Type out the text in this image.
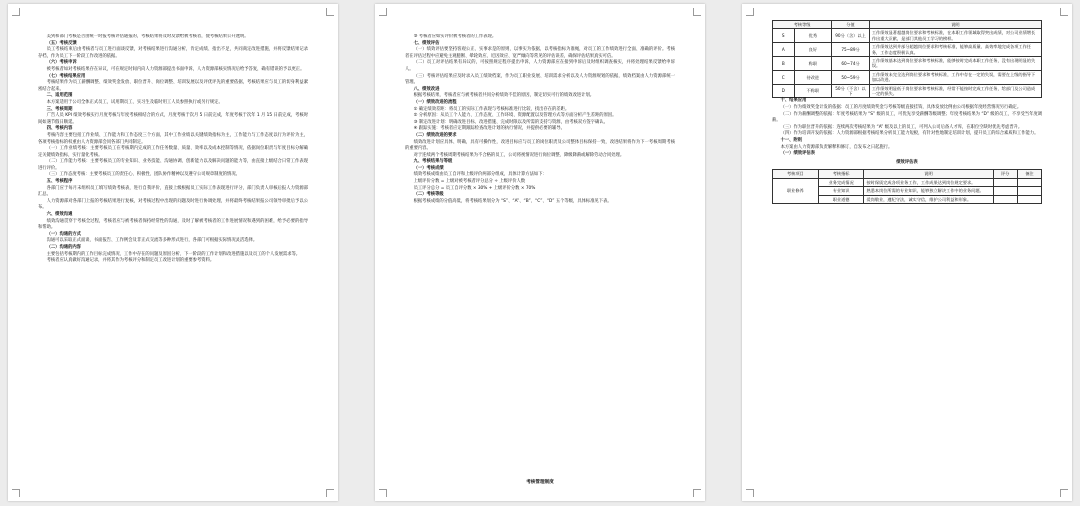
美到和部门考核是否由统一时报考核评估通报的，考核结果将及时反馈给被考核者，使考核结果公开透明。

（五）考核反馈

员工考核结束后由考核者与员工进行面谈反馈，对考核结果进行沟通分析，肯定成绩、指出不足，共同商定改进措施，并将反馈结果记录存档，作为员工下一阶段工作改进的依据。

（六）考核申诉

被考核者如对考核结果存在异议，可在规定时间内向人力资源部提出书面申诉，人力资源部核实情况后给予答复，确有错误的予以更正。

（七）考核结果应用

考核结果作为员工薪酬调整、绩效奖金发放、职位晋升、岗位调整、培训发展以及评优评先的重要依据，考核结果应与员工的切身利益紧密结合起来。

二、适用范围

本方案适用于公司全体正式员工，试用期员工、实习生及临时用工人员参照执行或另行规定。

三、考核周期

广告人员 KPI 绩效考核实行月度考核与年度考核相结合的方式，月度考核于次月 5 日前完成，年度考核于次年 1 月 15 日前完成，考核时间如遇节假日顺延。

四、考核内容

考核内容主要包括工作业绩、工作能力和工作态度三个方面，其中工作业绩以关键绩效指标为主，工作能力与工作态度以行为评价为主，各项考核指标的权重由人力资源部会同各部门共同制定。

（一）工作业绩考核：主要考核员工在考核期内完成的工作任务数量、质量、效率以及成本控制等情况，依据岗位职责与年度目标分解确定关键绩效指标，实行量化考核。

（二）工作能力考核：主要考核员工的专业知识、业务技能、沟通协调、创新能力以及解决问题的能力等，由直接上级结合日常工作表现进行评价。

（三）工作态度考核：主要考核员工的责任心、积极性、团队协作精神以及遵守公司规章制度的情况。

五、考核程序

各部门应于每月末组织员工填写绩效考核表，进行自我评价，直接上级根据员工实际工作表现进行评分，部门负责人审核后报人力资源部汇总。

人力资源部对各部门上报的考核结果进行复核，对考核过程中出现的问题及时进行协调处理，并将最终考核结果报公司领导审批后予以公布。

六、绩效沟通

绩效沟通贯穿于考核全过程，考核者应与被考核者保持经常性的沟通，及时了解被考核者的工作进展情况和遇到的困难，给予必要的指导和帮助。

（一）沟通的方式

沟通可以采取正式面谈、书面报告、工作例会及非正式交流等多种形式进行，各部门可根据实际情况灵活选择。

（二）沟通的内容

主要包括考核期内的工作目标完成情况、工作中存在的问题及原因分析、下一阶段的工作计划和改进措施以及员工的个人发展需求等。

考核者应认真做好沟通记录，并将其作为考核评分和制定员工改进计划的重要参考资料。

⑤ 考核者应如实评价被考核者的工作表现。

七、绩效评估

（一）绩效评估要坚持客观公正、实事求是的原则，以事实为依据，以考核指标为准绳，对员工的工作绩效进行全面、准确的评价。考核者在评估过程中应避免主观臆断、晕轮效应、近因效应、宽严倾向等常见的评估误差，确保评估结果真实可信。

（二）员工对评估结果有异议的，可按照规定程序提出申诉，人力资源部应在接到申诉后及时组织调查核实，并将处理结果反馈给申诉人。

（三）考核评估结果应及时录入员工绩效档案，作为员工职业发展、培训需求分析以及人力资源规划的依据，绩效档案由人力资源部统一管理。

八、绩效改进

根据考核结果，考核者应与被考核者共同分析绩效不佳的原因，制定切实可行的绩效改进计划。

（一）绩效改进的流程

① 确定绩效差距：将员工的实际工作表现与考核标准进行比较，找出存在的差距。

② 分析原因：从员工个人能力、工作态度、工作环境、资源配置以及管理方式等方面分析产生差距的原因。

③ 制定改进计划：明确改进目标、改进措施、完成时限以及所需的支持与资源，由考核双方签字确认。

④ 跟踪实施：考核者应定期跟踪检查改进计划的执行情况，并提供必要的辅导。

（二）绩效改进的要求

绩效改进计划应具体、明确，具有可操作性，改进目标应与员工的岗位职责及公司整体目标保持一致，改进结果将作为下一考核周期考核的重要内容。

对于连续两个考核周期考核结果为不合格的员工，公司将视情况进行岗位调整、降级降薪或解除劳动合同处理。

九、考核结果与等级

（一）考核成绩

绩效考核成绩由员工自评和上级评价两部分组成，具体计算方法如下：

上级评价分数 = 上级对被考核者评分总分 ÷ 上级评价人数

员工评分总分 = 员工自评分数 × 30% + 上级评价分数 × 70%

（二）考核等级

根据考核成绩的分值高低，将考核结果划分为 “S”、“A”、“B”、“C”、“D” 五个等级，具体标准见下表。

考核管理制度
考核等级		分值	说明
S	优秀	90分（含）以上	工作绩效显著超越岗位要求和考核标准，在本职工作领域取得突出成绩，对公司业绩增长作出重大贡献，是部门其他员工学习的榜样。
A	良好	75~89分	工作绩效达到并部分超越岗位要求和考核标准，能够高质量、高效率地完成各项工作任务，工作态度积极认真。
B	称职	60~74分	工作绩效基本达到岗位要求和考核标准，能够按时完成本职工作任务，没有出现明显的失误。
C	待改进	50~59分	工作绩效未完全达到岗位要求和考核标准，工作中存在一定的失误，需要在上级的指导下加以改进。
D	不称职	50分（不含）以下	工作绩效明显低于岗位要求和考核标准，经常不能按时完成工作任务，给部门及公司造成一定的损失。

十、结果应用

（一）作为绩效奖金计发的依据：员工的月度绩效奖金与考核等级直接挂钩，具体发放比例由公司根据年度经营情况另行确定。

（二）作为薪酬调整的依据：年度考核结果为 “S” 级的员工，可优先享受薪酬等级调整；年度考核结果为 “D” 级的员工，不享受当年度调薪。

（三）作为职位晋升的依据：连续两次考核结果为 “A” 级及以上的员工，可列入公司后备人才库，在职位空缺时优先考虑晋升。

（四）作为培训开发的依据：人力资源部根据考核结果分析员工能力短板，有针对性地制定培训计划，提升员工的综合素质和工作能力。

十一、附则

本方案由人力资源部负责解释和修订，自发布之日起施行。

（一）绩效评估表

绩效评估表

考核项目	考核指标	说明	评分	备注
职业修养	业务完成情况	按时保质完成各项业务工作，工作成果达到岗位规定要求。		
	专业知识	熟悉本岗位所需的专业知识，能够独立解决工作中的业务问题。		
	职业道德	爱岗敬业，遵纪守法，诚实守信，维护公司利益和形象。		
